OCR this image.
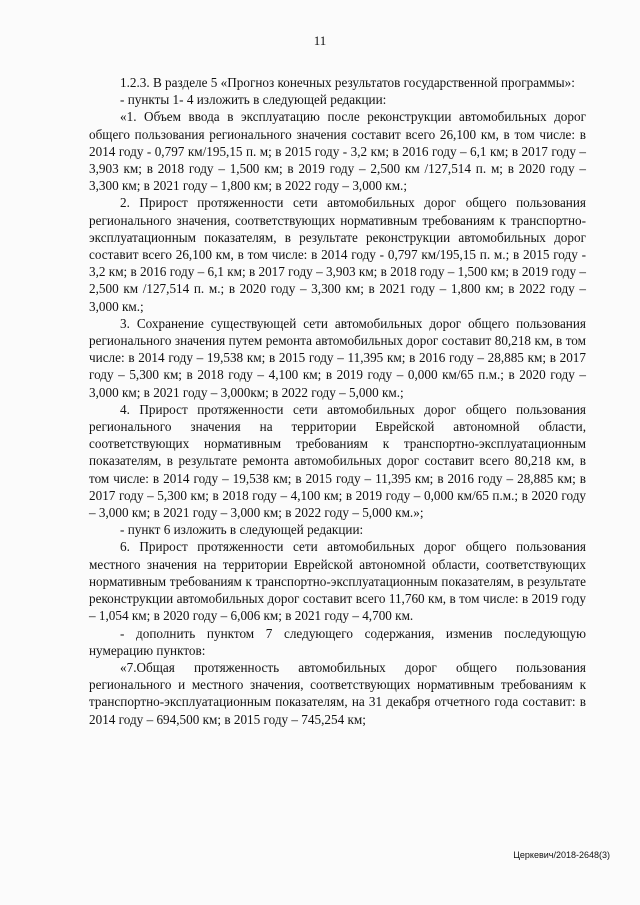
11

1.2.3. В разделе 5 «Прогноз конечных результатов государственной программы»:

- пункты 1- 4 изложить в следующей редакции:

«1. Объем ввода в эксплуатацию после реконструкции автомобильных дорог общего пользования регионального значения составит всего 26,100 км, в том числе: в 2014 году - 0,797 км/195,15 п. м; в 2015 году - 3,2 км; в 2016 году – 6,1 км; в 2017 году – 3,903 км; в 2018 году – 1,500 км; в 2019 году – 2,500 км /127,514 п. м; в 2020 году – 3,300 км; в 2021 году – 1,800 км; в 2022 году – 3,000 км.;

2. Прирост протяженности сети автомобильных дорог общего пользования регионального значения, соответствующих нормативным требованиям к транспортно-эксплуатационным показателям, в результате реконструкции автомобильных дорог составит всего 26,100 км, в том числе: в 2014 году - 0,797 км/195,15 п. м.; в 2015 году - 3,2 км; в 2016 году – 6,1 км; в 2017 году – 3,903 км; в 2018 году – 1,500 км; в 2019 году – 2,500 км /127,514 п. м.; в 2020 году – 3,300 км; в 2021 году – 1,800 км; в 2022 году – 3,000 км.;

3. Сохранение существующей сети автомобильных дорог общего пользования регионального значения путем ремонта автомобильных дорог составит 80,218 км, в том числе: в 2014 году – 19,538 км; в 2015 году – 11,395 км; в 2016 году – 28,885 км; в 2017 году – 5,300 км; в 2018 году – 4,100 км; в 2019 году – 0,000 км/65 п.м.; в 2020 году – 3,000 км; в 2021 году – 3,000км; в 2022 году – 5,000 км.;

4. Прирост протяженности сети автомобильных дорог общего пользования регионального значения на территории Еврейской автономной области, соответствующих нормативным требованиям к транспортно-эксплуатационным показателям, в результате ремонта автомобильных дорог составит всего 80,218 км, в том числе: в 2014 году – 19,538 км; в 2015 году – 11,395 км; в 2016 году – 28,885 км; в 2017 году – 5,300 км; в 2018 году – 4,100 км; в 2019 году – 0,000 км/65 п.м.; в 2020 году – 3,000 км; в 2021 году – 3,000 км; в 2022 году – 5,000 км.»;

- пункт 6 изложить в следующей редакции:

6. Прирост протяженности сети автомобильных дорог общего пользования местного значения на территории Еврейской автономной области, соответствующих нормативным требованиям к транспортно-эксплуатационным показателям, в результате реконструкции автомобильных дорог составит всего 11,760 км, в том числе: в 2019 году – 1,054 км; в 2020 году – 6,006 км; в 2021 году – 4,700 км.

- дополнить пунктом 7 следующего содержания, изменив последующую нумерацию пунктов:

«7.Общая протяженность автомобильных дорог общего пользования регионального и местного значения, соответствующих нормативным требованиям к транспортно-эксплуатационным показателям, на 31 декабря отчетного года составит: в 2014 году – 694,500 км; в 2015 году – 745,254 км;

Церкевич/2018-2648(3)
